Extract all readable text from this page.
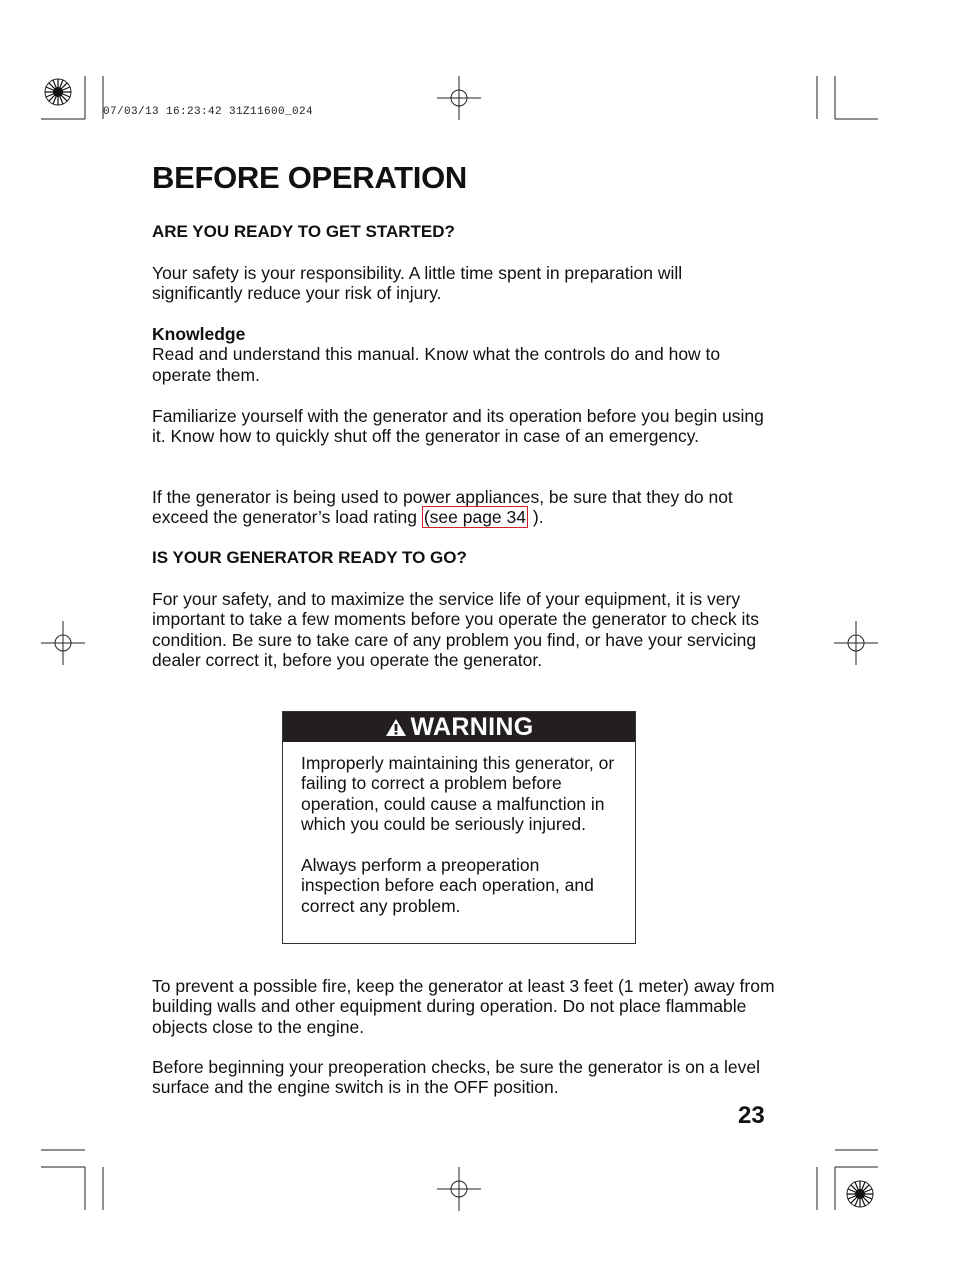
07/03/13 16:23:42 31Z11600_024
BEFORE OPERATION
ARE YOU READY TO GET STARTED?

Your safety is your responsibility. A little time spent in preparation will significantly reduce your risk of injury.

Knowledge
Read and understand this manual. Know what the controls do and how to operate them.

Familiarize yourself with the generator and its operation before you begin using it. Know how to quickly shut off the generator in case of an emergency.

If the generator is being used to power appliances, be sure that they do not exceed the generator’s load rating (see page 34 ).

IS YOUR GENERATOR READY TO GO?

For your safety, and to maximize the service life of your equipment, it is very important to take a few moments before you operate the generator to check its condition. Be sure to take care of any problem you find, or have your servicing dealer correct it, before you operate the generator.

WARNING

Improperly maintaining this generator, or failing to correct a problem before operation, could cause a malfunction in which you could be seriously injured.

Always perform a preoperation inspection before each operation, and correct any problem.

To prevent a possible fire, keep the generator at least 3 feet (1 meter) away from building walls and other equipment during operation. Do not place flammable objects close to the engine.

Before beginning your preoperation checks, be sure the generator is on a level surface and the engine switch is in the OFF position.

23
